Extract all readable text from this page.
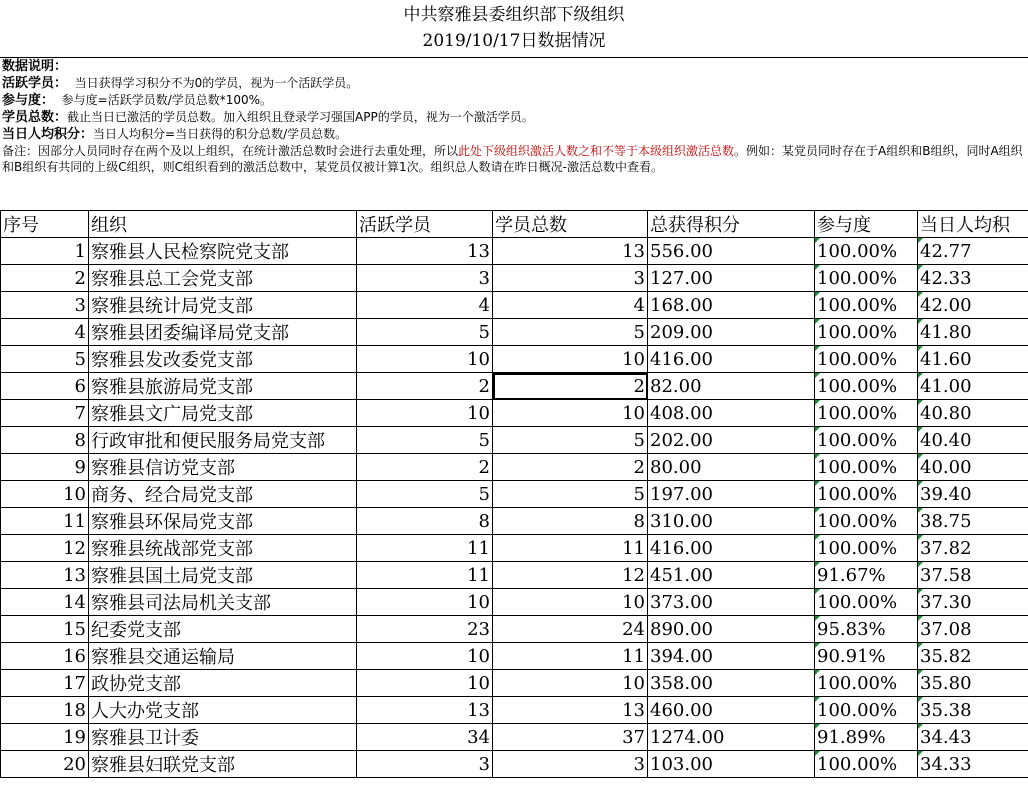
中共察雅县委组织部下级组织
2019/10/17日数据情况
数据说明：
活跃学员： 当日获得学习积分不为0的学员，视为一个活跃学员。
参与度： 参与度=活跃学员数/学员总数*100%。
学员总数：截止当日已激活的学员总数。加入组织且登录学习强国APP的学员，视为一个激活学员。
当日人均积分：当日人均积分=当日获得的积分总数/学员总数。
备注：因部分人员同时存在两个及以上组织，在统计激活总数时会进行去重处理，所以此处下级组织激活人数之和不等于本级组织激活总数。例如：某党员同时存在于A组织和B组织，同时A组织和B组织有共同的上级C组织，则C组织看到的激活总数中，某党员仅被计算1次。组织总人数请在昨日概况-激活总数中查看。
序号	组织	活跃学员	学员总数	总获得积分	参与度	当日人均积
1	察雅县人民检察院党支部	13	13	556.00	100.00%	42.77
2	察雅县总工会党支部	3	3	127.00	100.00%	42.33
3	察雅县统计局党支部	4	4	168.00	100.00%	42.00
4	察雅县团委编译局党支部	5	5	209.00	100.00%	41.80
5	察雅县发改委党支部	10	10	416.00	100.00%	41.60
6	察雅县旅游局党支部	2	2	82.00	100.00%	41.00
7	察雅县文广局党支部	10	10	408.00	100.00%	40.80
8	行政审批和便民服务局党支部	5	5	202.00	100.00%	40.40
9	察雅县信访党支部	2	2	80.00	100.00%	40.00
10	商务、经合局党支部	5	5	197.00	100.00%	39.40
11	察雅县环保局党支部	8	8	310.00	100.00%	38.75
12	察雅县统战部党支部	11	11	416.00	100.00%	37.82
13	察雅县国土局党支部	11	12	451.00	91.67%	37.58
14	察雅县司法局机关支部	10	10	373.00	100.00%	37.30
15	纪委党支部	23	24	890.00	95.83%	37.08
16	察雅县交通运输局	10	11	394.00	90.91%	35.82
17	政协党支部	10	10	358.00	100.00%	35.80
18	人大办党支部	13	13	460.00	100.00%	35.38
19	察雅县卫计委	34	37	1274.00	91.89%	34.43
20	察雅县妇联党支部	3	3	103.00	100.00%	34.33
